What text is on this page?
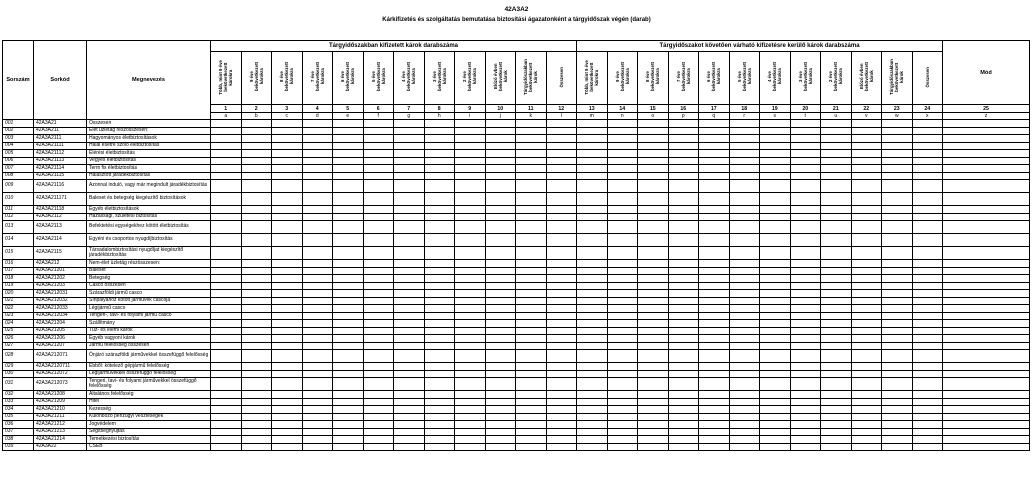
42A3A2
Kárkifizetés és szolgáltatás bemutatása biztosítási ágazatonként a tárgyidőszak végén (darab)
Sorszám	Sorkód	Megnevezés	Tárgyidőszakban kifizetett károk darabszáma												Tárgyidőszakot követően várható kifizetésre kerülő károk darabszáma												Mód
			Több, mint 9 éve
bekövetkezett
károkra	9 éve
bekövetkezett
károkra	8 éve
bekövetkezett
károkra	7 éve
bekövetkezett
károkra	6 éve
bekövetkezett
károkra	5 éve
bekövetkezett
károkra	4 éve
bekövetkezett
károkra	3 éve
bekövetkezett
károkra	2 éve
bekövetkezett
károkra	Előző évben
bekövetkezett
károk	Tárgyidőszakban
bekövetkezett
károk	Összesen	Több, mint 9 éve
bekövetkezett
károkra	9 éve
bekövetkezett
károkra	8 éve
bekövetkezett
károkra	7 éve
bekövetkezett
károkra	6 éve
bekövetkezett
károkra	5 éve
bekövetkezett
károkra	4 éve
bekövetkezett
károkra	3 éve
bekövetkezett
károkra	2 éve
bekövetkezett
károkra	Előző évben
bekövetkezett
károk	Tárgyidőszakban
bekövetkezett
károk	Összesen	
			1	2	3	4	5	6	7	8	9	10	11	12	13	14	15	16	17	18	19	20	21	22	23	24	25
			a	b	c	d	e	f	g	h	i	j	k	l	m	n	o	p	q	r	s	t	u	v	w	x	z
001	42A3A21	Összesen																									
002	42A3A211	Élet üzletág részösszesen:																									
003	42A3A2111	Hagyományos életbiztosítások																									
004	42A3A21111	Halál esetre szóló életbiztosítás																									
005	42A3A21112	Elérési életbiztosítás																									
006	42A3A21113	Vegyes életbiztosítás																									
007	42A3A21114	Term fix életbiztosítás																									
008	42A3A21115	Halasztott járadékbiztosítás																									
009	42A3A21116	Azonnal induló, vagy már megindult járadékbiztosítás																									
010	42A3A211171	Baleset és betegség kiegészítő biztosítások																									
011	42A3A21118	Egyéb életbiztosítások																									
012	42A3A2112	Házassági, születési biztosítás																									
013	42A3A2113	Befektetési egységekhez kötött életbiztosítás																									
014	42A3A2114	Egyéni és csoportos nyugdíjbiztosítás																									
015	42A3A2115	Társadalombiztosítási nyugdíjat kiegészítő járadékbiztosítás																									
016	42A3A212	Nem-élet üzletág részösszesen:																									
017	42A3A21201	Baleset																									
018	42A3A21202	Betegség																									
019	42A3A21203	Casco összesen																									
020	42A3A212031	Szárazföldi jármű casco																									
021	42A3A212032	Sínpályához kötött járművek cascója																									
022	42A3A212033	Légijármű casco																									
023	42A3A212034	Tengeri-, tavi- és folyami jármű casco																									
024	42A3A21204	Szállítmány																									
025	42A3A21205	Tűz- és elemi károk																									
026	42A3A21206	Egyéb vagyoni károk																									
027	42A3A21207	Jármű felelősség összesen																									
028	42A3A212071	Önjáró szárazföldi járművekkel összefüggő felelősség																									
029	42A3A2120711	Ebből: kötelező gépjármű felelősség																									
030	42A3A212072	Légijárművekkel összefüggő felelősség																									
031	42A3A212073	Tengeri, tavi- és folyami járművekkel összefüggő felelősség																									
032	42A3A21208	Általános felelősség																									
033	42A3A21209	Hitel																									
034	42A3A21210	Kezesség																									
035	42A3A21211	Különböző pénzügyi veszteségek																									
036	42A3A21212	Jogvédelem																									
037	42A3A21213	Segítségnyújtás																									
038	42A3A21214	Temetkezési biztosítás																									
039	42A3A22	CSEB																									
